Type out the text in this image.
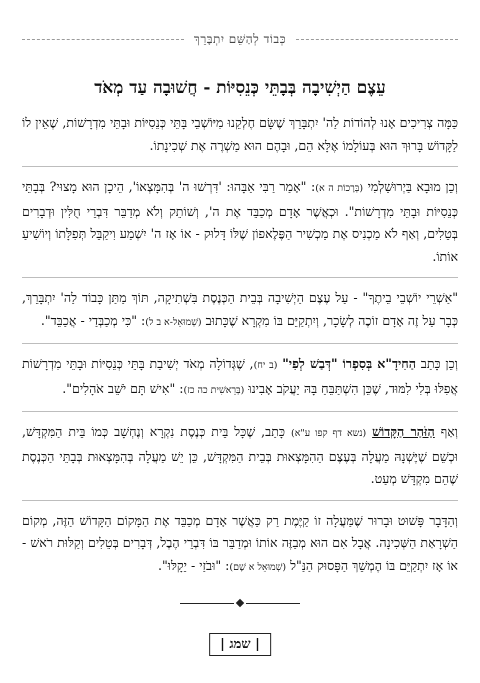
כְּבוֹד לְהַשֵּׁם יִתְבָּרֵךְ
עֵצֶם הַיְשִׁיבָה בְּבָתֵּי כְּנֵסִיּוֹת - חֲשׁוּבָה עַד מְאֹד

כַּמָּה צְרִיכִים אָנוּ לְהוֹדוֹת לַה' יִתְבָּרֵךְ שֶׁשָּׂם חֶלְקֵנוּ מִיּוֹשְׁבֵי בָּתֵּי כְּנֵסִיּוֹת וּבָתֵּי מִדְרָשׁוֹת, שֶׁאֵין לוֹ לַקָּדוֹשׁ בָּרוּךְ הוּא בְּעוֹלָמוֹ אֶלָּא הֵם, וּבָהֶם הוּא מַשְׁרֶה אֶת שְׁכִינָתוֹ.

וְכֵן מוּבָא בַּיְרוּשַׁלְמִי (בְּרָכוֹת ה א): "אָמַר רַבִּי אַבָּהוּ: 'דִּרְשׁוּ ה' בְּהִמָּצְאוֹ', הֵיכָן הוּא מָצוּי? בְּבָתֵּי כְּנֵסִיּוֹת וּבָתֵּי מִדְרָשׁוֹת". וּכְאֲשֶׁר אָדָם מְכַבֵּד אֶת ה', וְשׁוֹתֵק וְלֹא מְדַבֵּר דִּבְרֵי חֻלִּין וּדְבָרִים בְּטֵלִים, וְאַף לֹא מַכְנִיס אֶת מַכְשִׁיר הַפֶּלֶאפוֹן שֶׁלּוֹ דָּלוּק - אוֹ אָז ה' יִשְׁמַע וִיקַבֵּל תְּפִלָּתוֹ וְיוֹשִׁיעַ אוֹתוֹ.

"אַשְׁרֵי יוֹשְׁבֵי בֵיתֶךָ" - עַל עֶצֶם הַיְשִׁיבָה בְּבֵית הַכְּנֶסֶת בִּשְׁתִיקָה, תּוֹךְ מַתַּן כָּבוֹד לַה' יִתְבָּרֵךְ, כְּבָר עַל זֶה אָדָם זוֹכֶה לְשָׂכָר, וְיִתְקַיֵּם בּוֹ מִקְרָא שֶׁכָּתוּב (שְׁמוּאֵל-א ב ל): "כִּי מְכַבְּדַי - אֲכַבֵּד".

וְכֵן כָּתַב הַחִידָ"א בְּסִפְרוֹ "דְּבַשׁ לְפִי" (ב יח), שֶׁגְּדוֹלָה מְאֹד יְשִׁיבַת בָּתֵּי כְּנֵסִיּוֹת וּבָתֵּי מִדְרָשׁוֹת אֲפִלּוּ בְּלִי לִמּוּד, שֶׁכֵּן הִשְׁתַּבֵּחַ בָּהּ יַעֲקֹב אָבִינוּ (בְּרֵאשִׁית כה כז): "אִישׁ תָּם יֹשֵׁב אֹהָלִים".

וְאַף הַזֹּהַר הַקָּדוֹשׁ (נשא דף קפו ע"א) כָּתַב, שֶׁכָּל בֵּית כְּנֶסֶת נִקְרָא וְנֶחְשָׁב כְּמוֹ בֵּית הַמִּקְדָּשׁ, וּכְשֵׁם שֶׁיֶּשְׁנָהּ מַעֲלָה בְּעֶצֶם הַהִמָּצְאוּת בְּבֵית הַמִּקְדָּשׁ, כֵּן יֵשׁ מַעֲלָה בְּהִמָּצְאוּת בְּבָתֵּי הַכְּנֶסֶת שֶׁהֵם מִקְדָּשׁ מְעַט.

וְהַדָּבָר פָּשׁוּט וּבָרוּר שֶׁמַּעֲלָה זוֹ קַיֶּמֶת רַק כַּאֲשֶׁר אָדָם מְכַבֵּד אֶת הַמָּקוֹם הַקָּדוֹשׁ הַזֶּה, מְקוֹם הַשְׁרָאַת הַשְּׁכִינָה. אֲבָל אִם הוּא מְבַזֶּה אוֹתוֹ וּמְדַבֵּר בּוֹ דִּבְרֵי הֶבֶל, דְּבָרִים בְּטֵלִים וְקַלּוּת רֹאשׁ - אוֹ אָז יִתְקַיֵּם בּוֹ הֶמְשֵׁךְ הַפָּסוּק הַנַּ"ל (שְׁמוּאֵל א שָׁם): "וּבֹזַי - יֵקָלּוּ".

| שמג |
